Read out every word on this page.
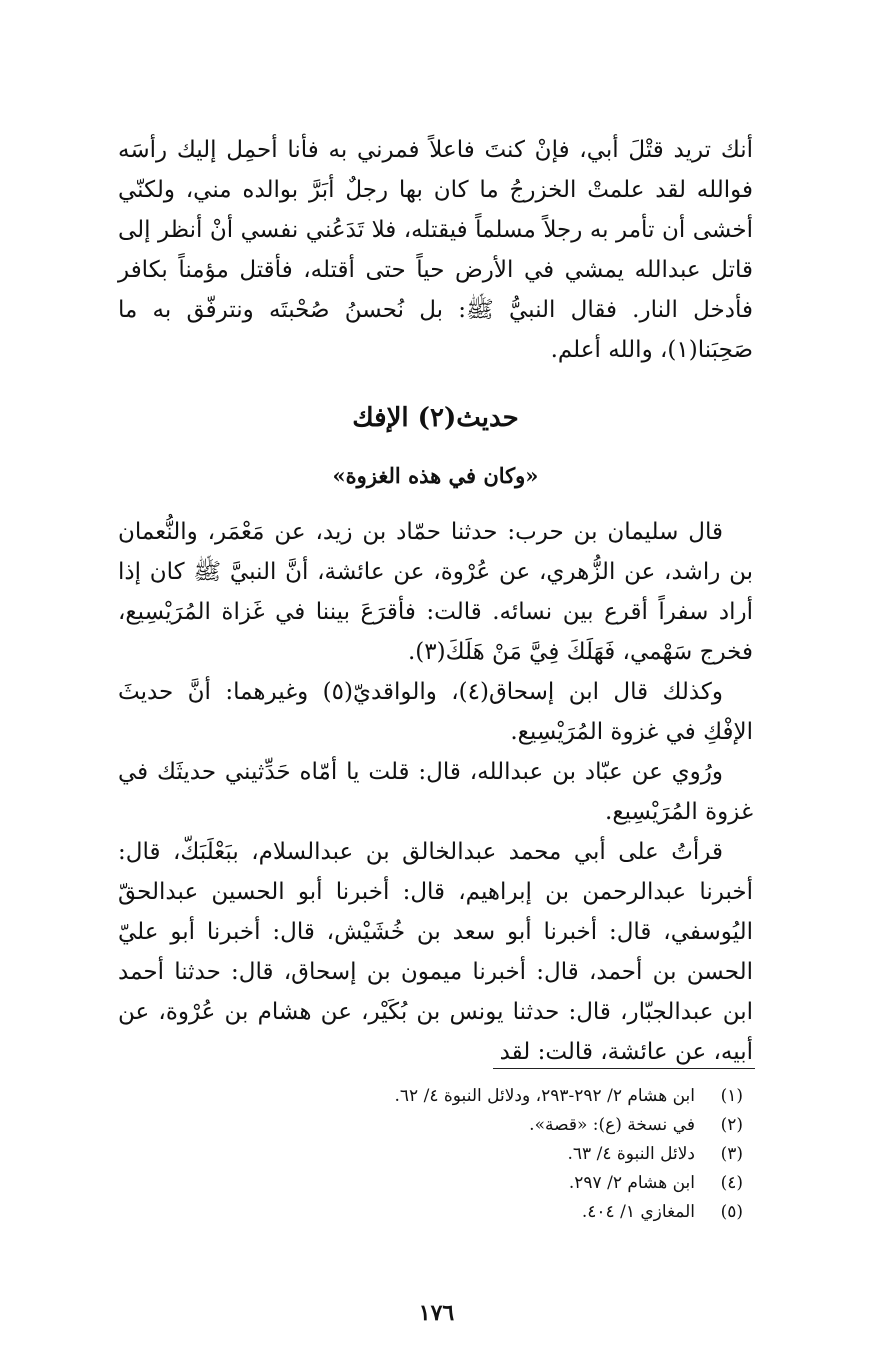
أنك تريد قتْلَ أبي، فإنْ كنتَ فاعلاً فمرني به فأنا أحمِل إليك رأسَه فوالله لقد علمتْ الخزرجُ ما كان بها رجلٌ أبَرَّ بوالده مني، ولكنّي أخشى أن تأمر به رجلاً مسلماً فيقتله، فلا تَدَعُني نفسي أنْ أنظر إلى قاتل عبدالله يمشي في الأرض حياً حتى أقتله، فأقتل مؤمناً بكافر فأدخل النار. فقال النبيُّ ﷺ: بل نُحسنُ صُحْبتَه ونترفّق به ما صَحِبَنا(١)، والله أعلم.

حديث(٢) الإفك
«وكان في هذه الغزوة»

قال سليمان بن حرب: حدثنا حمّاد بن زيد، عن مَعْمَر، والنُّعمان بن راشد، عن الزُّهري، عن عُرْوة، عن عائشة، أنَّ النبيَّ ﷺ كان إذا أراد سفراً أقرع بين نسائه. قالت: فأقرَعَ بيننا في غَزاة المُرَيْسِيع، فخرج سَهْمي، فَهَلَكَ فِيَّ مَنْ هَلَكَ(٣).

وكذلك قال ابن إسحاق(٤)، والواقديّ(٥) وغيرهما: أنَّ حديثَ الإفْكِ في غزوة المُرَيْسِيع.

ورُوي عن عبّاد بن عبدالله، قال: قلت يا أمّاه حَدِّثيني حديثَك في غزوة المُرَيْسِيع.

قرأتُ على أبي محمد عبدالخالق بن عبدالسلام، ببَعْلَبَكّ، قال: أخبرنا عبدالرحمن بن إبراهيم، قال: أخبرنا أبو الحسين عبدالحقّ اليُوسفي، قال: أخبرنا أبو سعد بن خُشَيْش، قال: أخبرنا أبو عليّ الحسن بن أحمد، قال: أخبرنا ميمون بن إسحاق، قال: حدثنا أحمد ابن عبدالجبّار، قال: حدثنا يونس بن بُكَيْر، عن هشام بن عُرْوة، عن أبيه، عن عائشة، قالت: لقد

(١)
ابن هشام ٢/ ٢٩٢-٢٩٣، ودلائل النبوة ٤/ ٦٢.
(٢)
في نسخة (ع): «قصة».
(٣)
دلائل النبوة ٤/ ٦٣.
(٤)
ابن هشام ٢/ ٢٩٧.
(٥)
المغازي ١/ ٤٠٤.
١٧٦
